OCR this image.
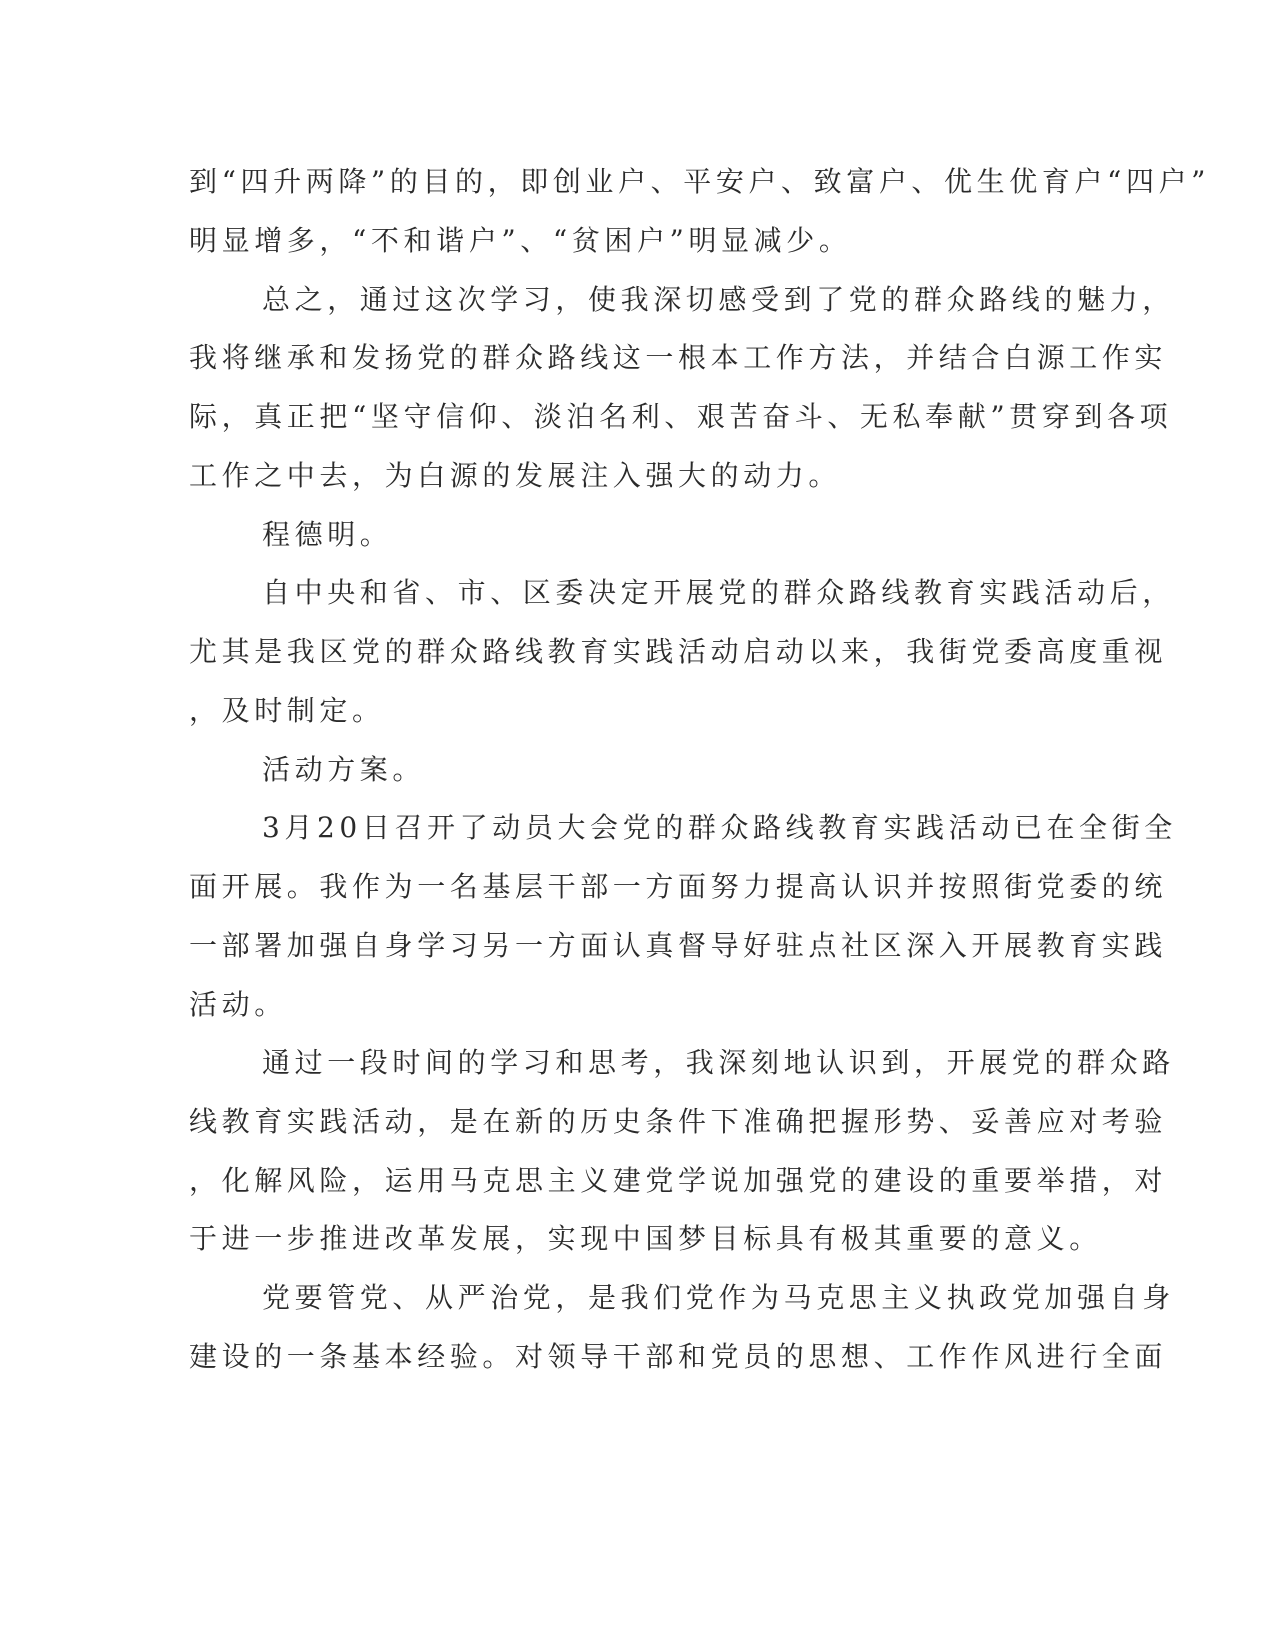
到“四升两降”的目的，即创业户、平安户、致富户、优生优育户“四户”
明显增多，“不和谐户”、“贫困户”明显减少。
总之，通过这次学习，使我深切感受到了党的群众路线的魅力，
我将继承和发扬党的群众路线这一根本工作方法，并结合白源工作实
际，真正把“坚守信仰、淡泊名利、艰苦奋斗、无私奉献”贯穿到各项
工作之中去，为白源的发展注入强大的动力。
程德明。
自中央和省、市、区委决定开展党的群众路线教育实践活动后，
尤其是我区党的群众路线教育实践活动启动以来，我街党委高度重视
，及时制定。
活动方案。
3月20日召开了动员大会党的群众路线教育实践活动已在全街全
面开展。我作为一名基层干部一方面努力提高认识并按照街党委的统
一部署加强自身学习另一方面认真督导好驻点社区深入开展教育实践
活动。
通过一段时间的学习和思考，我深刻地认识到，开展党的群众路
线教育实践活动，是在新的历史条件下准确把握形势、妥善应对考验
，化解风险，运用马克思主义建党学说加强党的建设的重要举措，对
于进一步推进改革发展，实现中国梦目标具有极其重要的意义。
党要管党、从严治党，是我们党作为马克思主义执政党加强自身
建设的一条基本经验。对领导干部和党员的思想、工作作风进行全面
